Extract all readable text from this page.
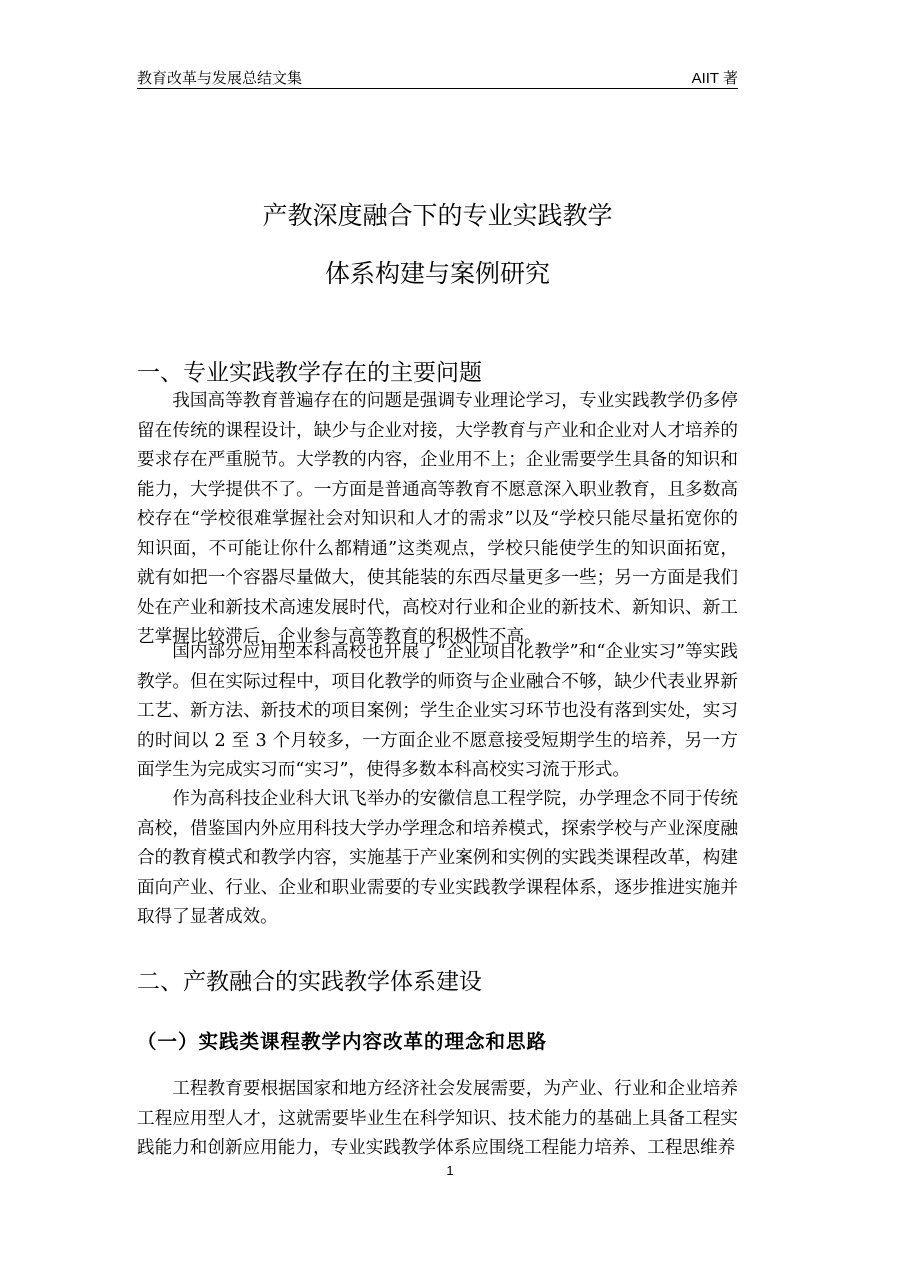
教育改革与发展总结文集	AIIT 著
产教深度融合下的专业实践教学
体系构建与案例研究
一、专业实践教学存在的主要问题

我国高等教育普遍存在的问题是强调专业理论学习，专业实践教学仍多停留在传统的课程设计，缺少与企业对接，大学教育与产业和企业对人才培养的要求存在严重脱节。大学教的内容，企业用不上；企业需要学生具备的知识和能力，大学提供不了。一方面是普通高等教育不愿意深入职业教育，且多数高校存在“学校很难掌握社会对知识和人才的需求”以及“学校只能尽量拓宽你的知识面，不可能让你什么都精通”这类观点，学校只能使学生的知识面拓宽，就有如把一个容器尽量做大，使其能装的东西尽量更多一些；另一方面是我们处在产业和新技术高速发展时代，高校对行业和企业的新技术、新知识、新工艺掌握比较滞后，企业参与高等教育的积极性不高。

国内部分应用型本科高校也开展了“企业项目化教学”和“企业实习”等实践教学。但在实际过程中，项目化教学的师资与企业融合不够，缺少代表业界新工艺、新方法、新技术的项目案例；学生企业实习环节也没有落到实处，实习的时间以 2 至 3 个月较多，一方面企业不愿意接受短期学生的培养，另一方面学生为完成实习而“实习”，使得多数本科高校实习流于形式。

作为高科技企业科大讯飞举办的安徽信息工程学院，办学理念不同于传统高校，借鉴国内外应用科技大学办学理念和培养模式，探索学校与产业深度融合的教育模式和教学内容，实施基于产业案例和实例的实践类课程改革，构建面向产业、行业、企业和职业需要的专业实践教学课程体系，逐步推进实施并取得了显著成效。

二、产教融合的实践教学体系建设
（一）实践类课程教学内容改革的理念和思路

工程教育要根据国家和地方经济社会发展需要，为产业、行业和企业培养工程应用型人才，这就需要毕业生在科学知识、技术能力的基础上具备工程实践能力和创新应用能力，专业实践教学体系应围绕工程能力培养、工程思维养

1
